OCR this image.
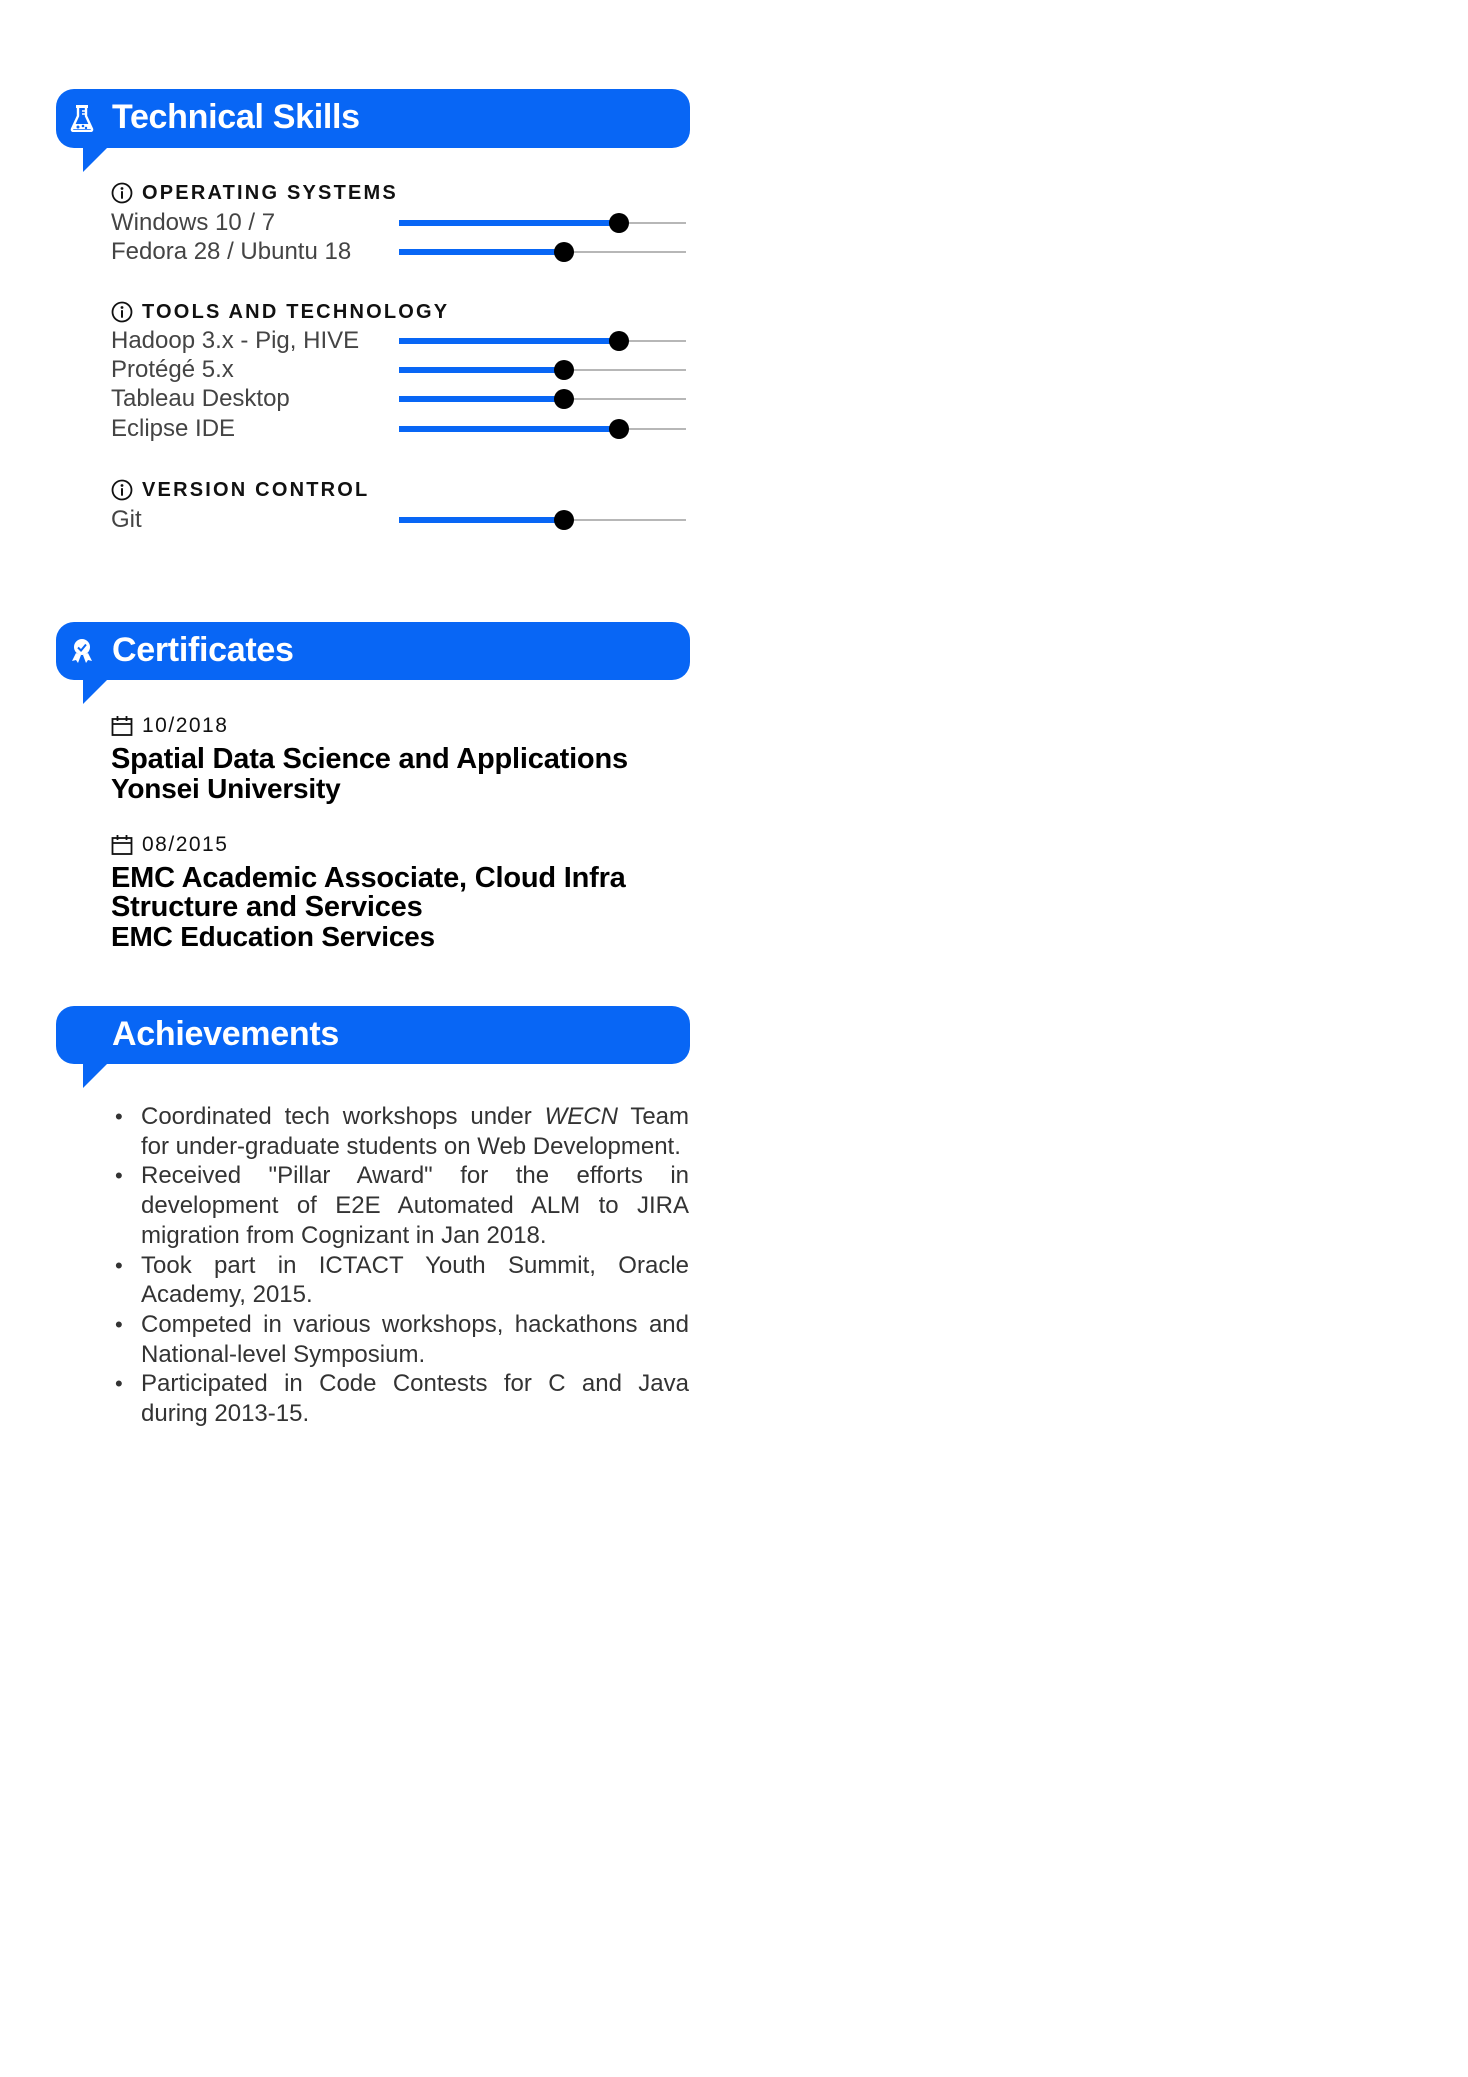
Technical Skills
OPERATING SYSTEMS
Windows 10 / 7
Fedora 28 / Ubuntu 18
TOOLS AND TECHNOLOGY
Hadoop 3.x - Pig, HIVE
Protégé 5.x
Tableau Desktop
Eclipse IDE
VERSION CONTROL
Git
Certificates
10/2018
Spatial Data Science and Applications
Yonsei University
08/2015
EMC Academic Associate, Cloud Infra Structure and Services
EMC Education Services
Achievements
• Coordinated tech workshops under WECN Team for under-graduate students on Web Development.
• Received "Pillar Award" for the efforts in development of E2E Automated ALM to JIRA migration from Cognizant in Jan 2018.
• Took part in ICTACT Youth Summit, Oracle Academy, 2015.
• Competed in various workshops, hackathons and National-level Symposium.
• Participated in Code Contests for C and Java during 2013-15.
